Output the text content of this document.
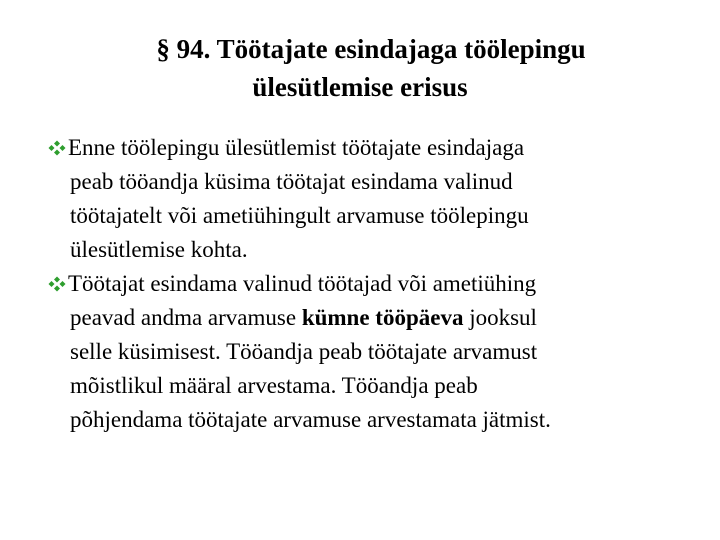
§ 94. Töötajate esindajaga töölepingu
ülesütlemise erisus
Enne töölepingu ülesütlemist töötajate esindajaga
peab tööandja küsima töötajat esindama valinud
töötajatelt või ametiühingult arvamuse töölepingu
ülesütlemise kohta.
Töötajat esindama valinud töötajad või ametiühing
peavad andma arvamuse kümne tööpäeva jooksul
selle küsimisest. Tööandja peab töötajate arvamust
mõistlikul määral arvestama. Tööandja peab
põhjendama töötajate arvamuse arvestamata jätmist.
